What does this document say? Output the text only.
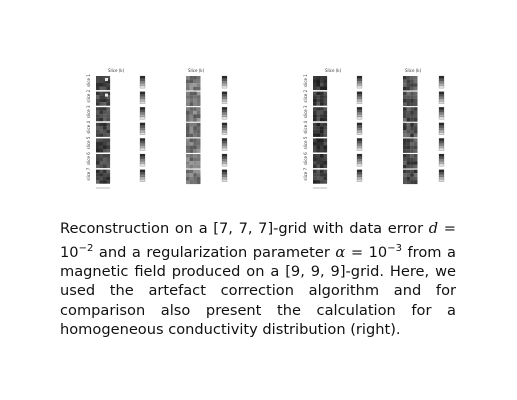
Slice (k)	Slice (k)
slice 1
slice 2
slice 3
slice 4
slice 5
slice 6
slice 7
Slice (k)	Slice (k)
slice 1
slice 2
slice 3
slice 4
slice 5
slice 6
slice 7
Reconstruction on a [7, 7, 7]-grid with data error $d = 10^{-2}$ and a regularization parameter $\alpha = 10^{-3}$ from a magnetic field produced on a [9, 9, 9]-grid. Here, we used the artefact correction algorithm and for comparison also present the calculation for a homogeneous conductivity distribution (right).
